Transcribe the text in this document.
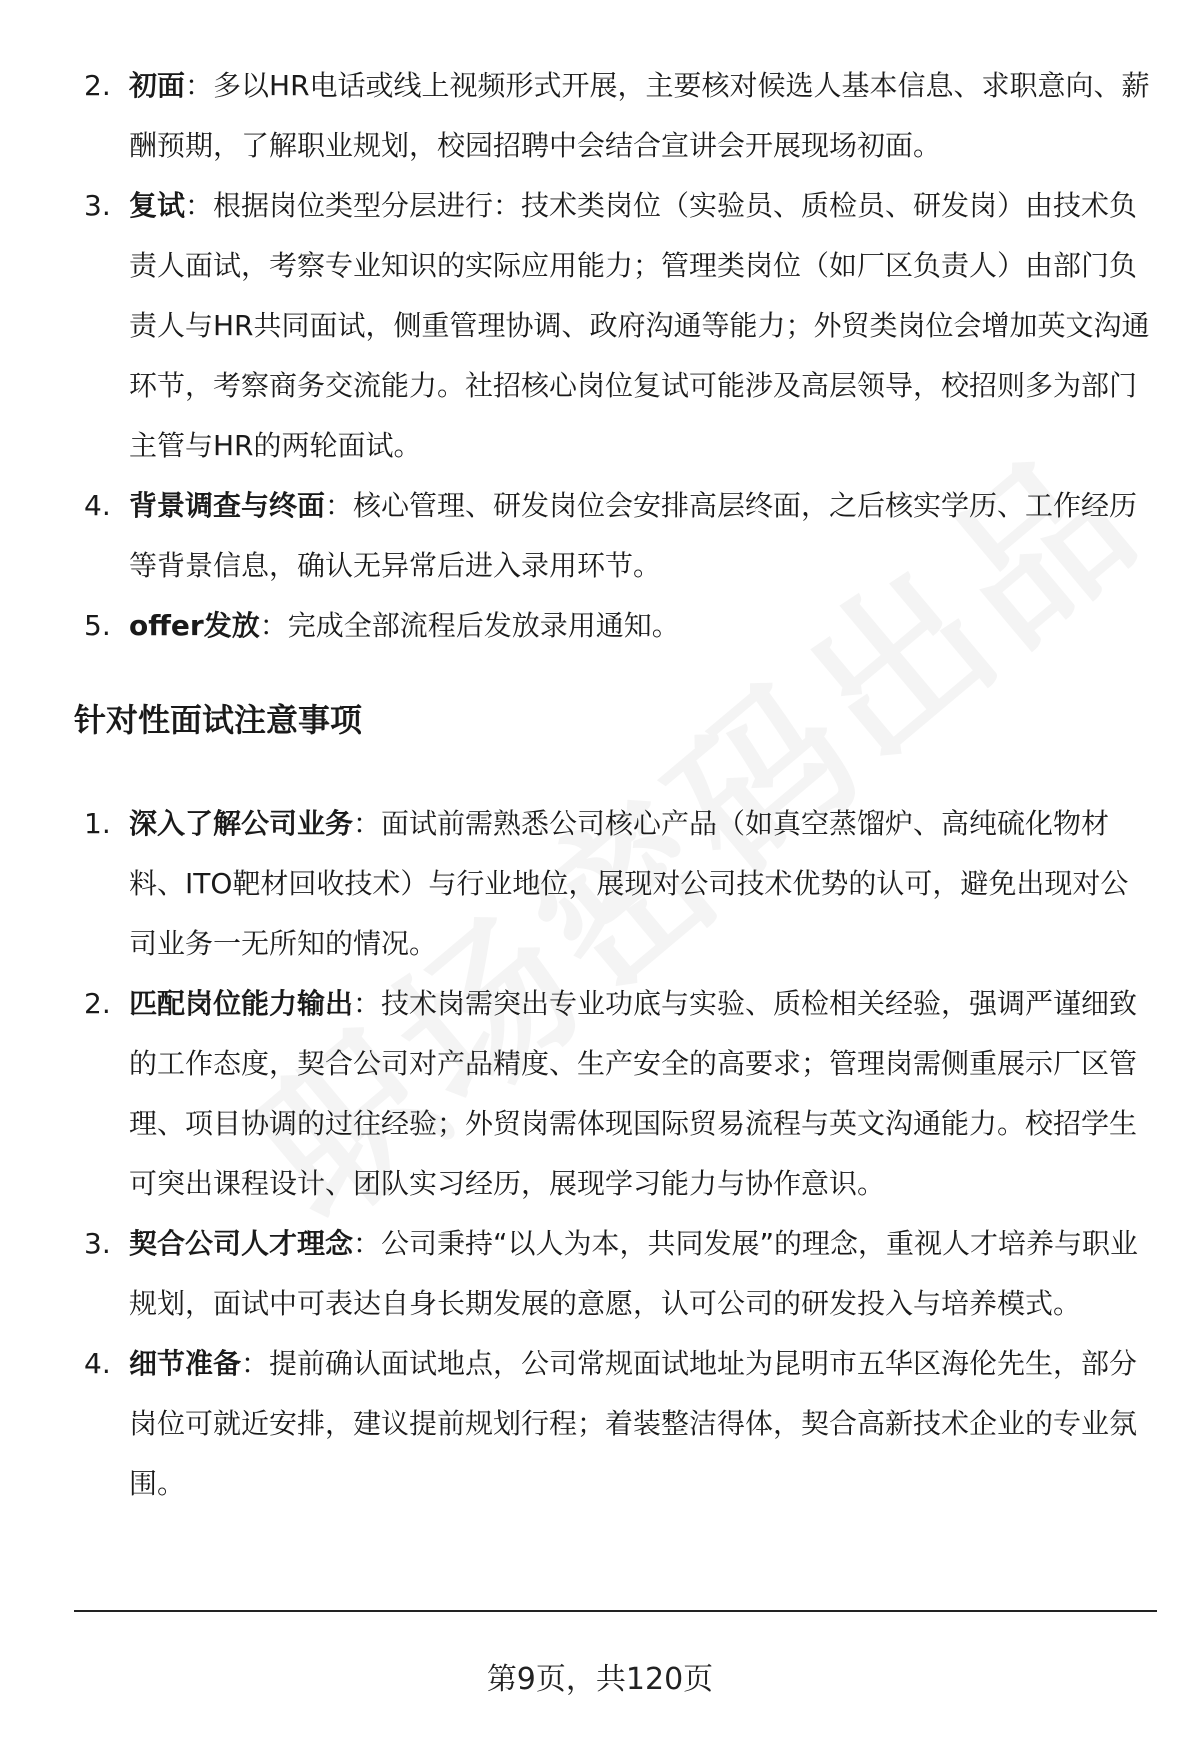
2. 初面：多以HR电话或线上视频形式开展，主要核对候选人基本信息、求职意向、薪酬预期，了解职业规划，校园招聘中会结合宣讲会开展现场初面。
3. 复试：根据岗位类型分层进行：技术类岗位（实验员、质检员、研发岗）由技术负责人面试，考察专业知识的实际应用能力；管理类岗位（如厂区负责人）由部门负责人与HR共同面试，侧重管理协调、政府沟通等能力；外贸类岗位会增加英文沟通环节，考察商务交流能力。社招核心岗位复试可能涉及高层领导，校招则多为部门主管与HR的两轮面试。
4. 背景调查与终面：核心管理、研发岗位会安排高层终面，之后核实学历、工作经历等背景信息，确认无异常后进入录用环节。
5. offer发放：完成全部流程后发放录用通知。
针对性面试注意事项
1. 深入了解公司业务：面试前需熟悉公司核心产品（如真空蒸馏炉、高纯硫化物材料、ITO靶材回收技术）与行业地位，展现对公司技术优势的认可，避免出现对公司业务一无所知的情况。
2. 匹配岗位能力输出：技术岗需突出专业功底与实验、质检相关经验，强调严谨细致的工作态度，契合公司对产品精度、生产安全的高要求；管理岗需侧重展示厂区管理、项目协调的过往经验；外贸岗需体现国际贸易流程与英文沟通能力。校招学生可突出课程设计、团队实习经历，展现学习能力与协作意识。
3. 契合公司人才理念：公司秉持“以人为本，共同发展”的理念，重视人才培养与职业规划，面试中可表达自身长期发展的意愿，认可公司的研发投入与培养模式。
4. 细节准备：提前确认面试地点，公司常规面试地址为昆明市五华区海伦先生，部分岗位可就近安排，建议提前规划行程；着装整洁得体，契合高新技术企业的专业氛围。
第9页，共120页
